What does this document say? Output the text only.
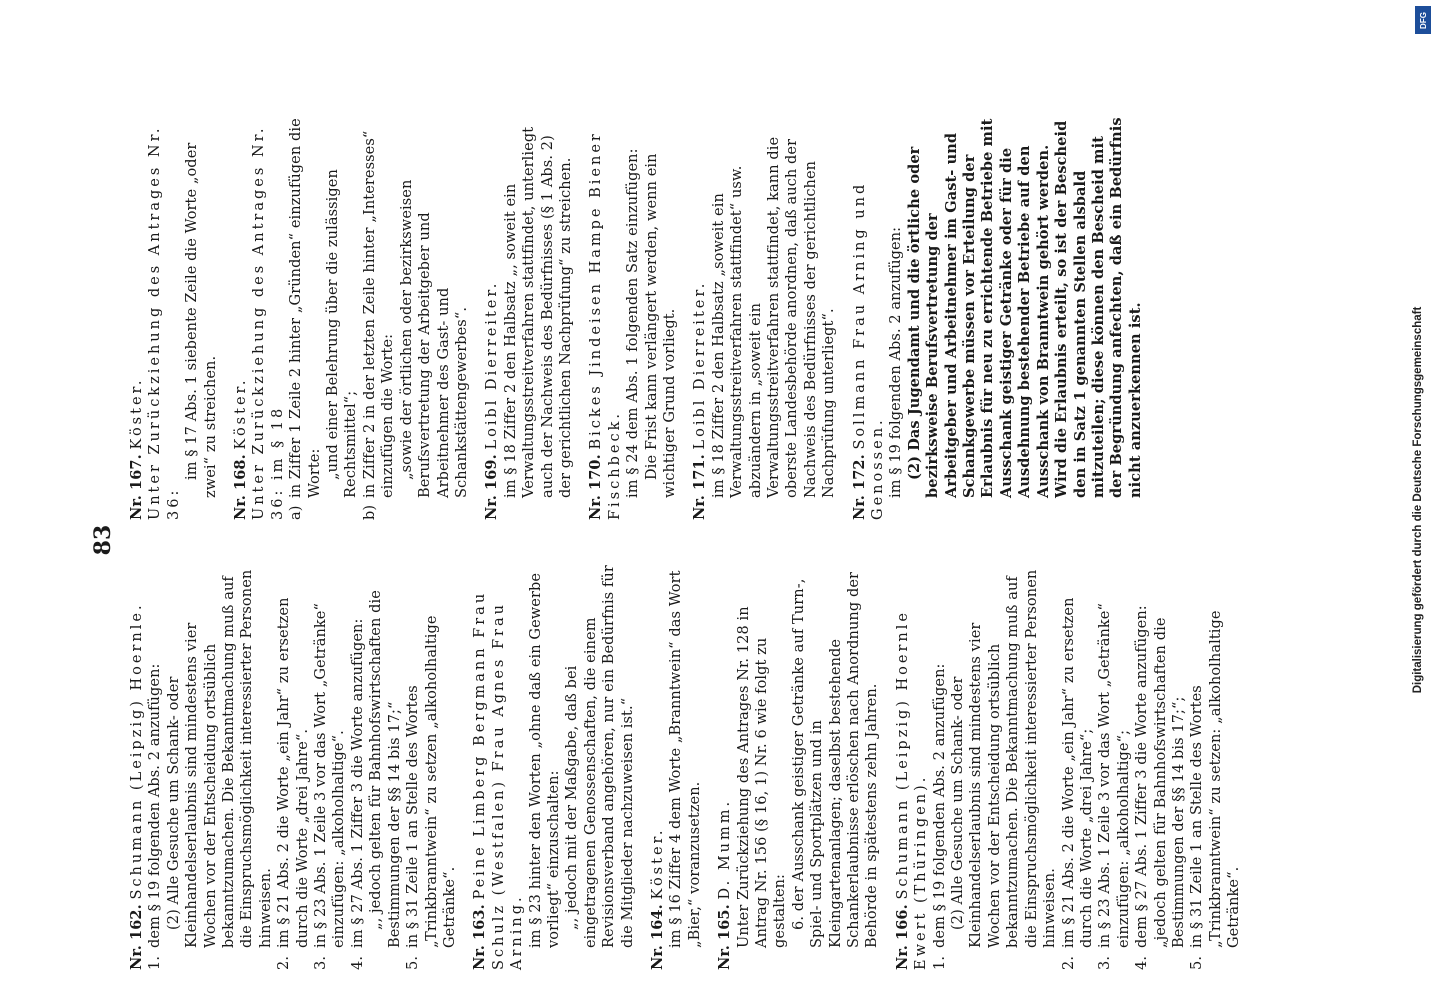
83
Nr. 162. Schumann (Leipzig) Hoernle.
1.
dem § 19 folgenden Abs. 2 anzufügen: (2) Alle Gesuche um Schank- oder Kleinhandelserlaubnis sind mindestens vier Wochen vor der Entscheidung ortsüblich bekanntzumachen. Die Bekanntmachung muß auf die Einspruchsmöglichkeit interessierter Personen hinweisen.
2.
im § 21 Abs. 2 die Worte „ein Jahr“ zu ersetzen durch die Worte „drei Jahre“.
3.
in § 23 Abs. 1 Zeile 3 vor das Wort „Getränke“ einzufügen: „alkoholhaltige“.
4.
im § 27 Abs. 1 Ziffer 3 die Worte anzufügen: „, jedoch gelten für Bahnhofswirtschaften die Bestimmungen der §§ 14 bis 17;“
5.
in § 31 Zeile 1 an Stelle des Wortes „Trinkbranntwein“ zu setzen „alkoholhaltige Getränke“. Nr. 163. Peine Limberg Bergmann Frau Schulz (Westfalen) Frau Agnes Frau Arning. im § 23 hinter den Worten „ohne daß ein Gewerbe vorliegt“ einzuschalten: „, jedoch mit der Maßgabe, daß bei eingetragenen Genossenschaften, die einem Revisionsverband angehören, nur ein Bedürfnis für die Mitglieder nachzuweisen ist.“ Nr. 164. Köster. im § 16 Ziffer 4 dem Worte „Branntwein“ das Wort „Bier,“ voranzusetzen. Nr. 165. D. Mumm. Unter Zurückziehung des Antrages Nr. 128 in Antrag Nr. 156 (§ 16, 1) Nr. 6 wie folgt zu gestalten: 6. der Ausschank geistiger Getränke auf Turn-, Spiel- und Sportplätzen und in Kleingartenanlagen; daselbst bestehende Schankerlaubnisse erlöschen nach Anordnung der Behörde in spätestens zehn Jahren. Nr. 166. Schumann (Leipzig) Hoernle Ewert (Thüringen). 1.
dem § 19 folgenden Abs. 2 anzufügen: (2) Alle Gesuche um Schank- oder Kleinhandelserlaubnis sind mindestens vier Wochen vor der Entscheidung ortsüblich bekanntzumachen. Die Bekanntmachung muß auf die Einspruchsmöglichkeit interessierter Personen hinweisen.
2.
im § 21 Abs. 2 die Worte „ein Jahr“ zu ersetzen durch die Worte „drei Jahre“;
3.
in § 23 Abs. 1 Zeile 3 vor das Wort „Getränke“ einzufügen: „alkoholhaltige“;
4.
dem § 27 Abs. 1 Ziffer 3 die Worte anzufügen: „jedoch gelten für Bahnhofswirtschaften die Bestimmungen der §§ 14 bis 17;“;
5.
in § 31 Zeile 1 an Stelle des Wortes „Trinkbranntwein“ zu setzen: „alkoholhaltige Getränke“.
Nr. 167. Köster. Unter Zurückziehung des Antrages Nr. 36:
im § 17 Abs. 1 siebente Zeile die Worte „oder zwei“ zu streichen. Nr. 168. Köster. Unter Zurückziehung des Antrages Nr. 36: im § 18 a)
in Ziffer 1 Zeile 2 hinter „Gründen“ einzufügen die Worte: „und einer Belehrung über die zulässigen Rechtsmittel“;
b)
in Ziffer 2 in der letzten Zeile hinter „Interesses“ einzufügen die Worte: „sowie der örtlichen oder bezirksweisen Berufsvertretung der Arbeitgeber und Arbeitnehmer des Gast- und Schankstättengewerbes“. Nr. 169. Loibl Dierreiter. im § 18 Ziffer 2 den Halbsatz „, soweit ein Verwaltungsstreitverfahren stattfindet, unterliegt auch der Nachweis des Bedürfnisses (§ 1 Abs. 2) der gerichtlichen Nachprüfung“ zu streichen. Nr. 170. Bickes Jindeisen Hampe Biener Fischbeck. im § 24 dem Abs. 1 folgenden Satz einzufügen: Die Frist kann verlängert werden, wenn ein wichtiger Grund vorliegt. Nr. 171. Loibl Dierreiter. im § 18 Ziffer 2 den Halbsatz „soweit ein Verwaltungsstreitverfahren stattfindet“ usw. abzuändern in „soweit ein Verwaltungsstreitverfahren stattfindet, kann die oberste Landesbehörde anordnen, daß auch der Nachweis des Bedürfnisses der gerichtlichen Nachprüfung unterliegt“. Nr. 172. Sollmann Frau Arning und Genossen. im § 19 folgenden Abs. 2 anzufügen: (2) Das Jugendamt und die örtliche oder bezirksweise Berufsvertretung der Arbeitgeber und Arbeitnehmer im Gast- und Schankgewerbe müssen vor Erteilung der Erlaubnis für neu zu errichtende Betriebe mit Ausschank geistiger Getränke oder für die Ausdehnung bestehender Betriebe auf den Ausschank von Branntwein gehört werden. Wird die Erlaubnis erteilt, so ist der Bescheid den in Satz 1 genannten Stellen alsbald mitzuteilen; diese können den Bescheid mit der Begründung anfechten, daß ein Bedürfnis nicht anzuerkennen ist.
DFG
Digitalisierung gefördert durch die Deutsche Forschungsgemeinschaft
